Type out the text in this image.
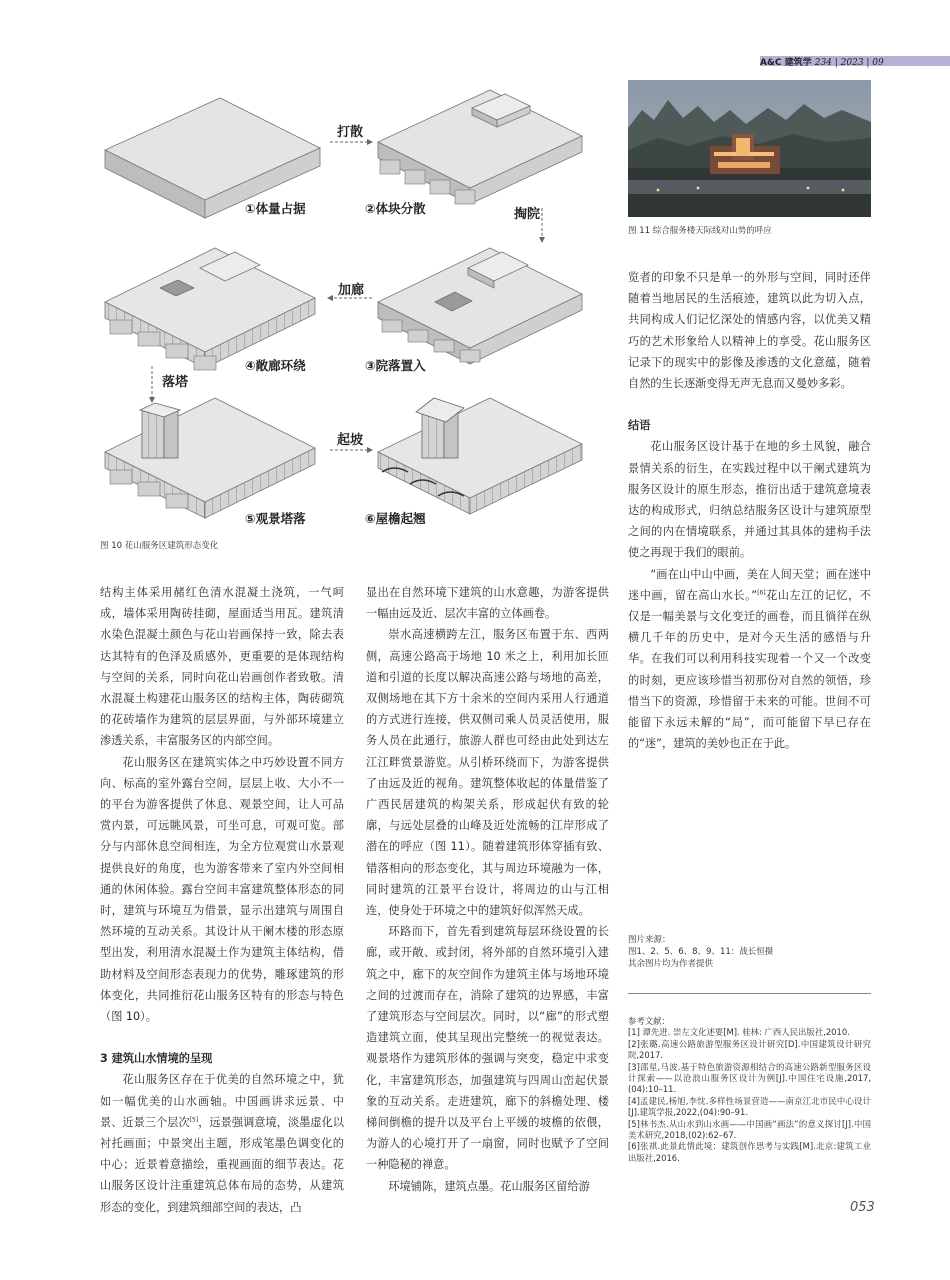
A&C 建筑学 234 | 2023 | 09
打散
掏院
加廊
落塔
起坡
①体量占据	②体块分散
③院落置入
④敞廊环绕
⑤观景塔落	⑥屋檐起翘
图 10 花山服务区建筑形态变化
图 11 综合服务楼天际线对山势的呼应

结构主体采用赭红色清水混凝土浇筑，一气呵成，墙体采用陶砖挂砌，屋面适当用瓦。建筑清水染色混凝土颜色与花山岩画保持一致，除去表达其特有的色泽及质感外，更重要的是体现结构与空间的关系，同时向花山岩画创作者致敬。清水混凝土构建花山服务区的结构主体，陶砖砌筑的花砖墙作为建筑的层层界面，与外部环境建立渗透关系，丰富服务区的内部空间。

花山服务区在建筑实体之中巧妙设置不同方向、标高的室外露台空间，层层上收、大小不一的平台为游客提供了休息、观景空间，让人可品赏内景，可远眺风景，可坐可息，可观可览。部分与内部休息空间相连，为全方位观赏山水景观提供良好的角度，也为游客带来了室内外空间相通的休闲体验。露台空间丰富建筑整体形态的同时，建筑与环境互为借景，显示出建筑与周围自然环境的互动关系。其设计从干阑木楼的形态原型出发，利用清水混凝土作为建筑主体结构，借助材料及空间形态表现力的优势，雕琢建筑的形体变化，共同推衍花山服务区特有的形态与特色（图 10）。

3 建筑山水情境的呈现

花山服务区存在于优美的自然环境之中，犹如一幅优美的山水画轴。中国画讲求远景、中景、近景三个层次[5]，远景强调意境，淡墨虚化以衬托画面；中景突出主题，形成笔墨色调变化的中心；近景着意描绘，重视画面的细节表达。花山服务区设计注重建筑总体布局的态势，从建筑形态的变化，到建筑细部空间的表达，凸

显出在自然环境下建筑的山水意趣，为游客提供一幅由远及近、层次丰富的立体画卷。

崇水高速横跨左江，服务区布置于东、西两侧，高速公路高于场地 10 米之上，利用加长匝道和引道的长度以解决高速公路与场地的高差，双侧场地在其下方十余米的空间内采用人行通道的方式进行连接，供双侧司乘人员灵活使用，服务人员在此通行，旅游人群也可经由此处到达左江江畔赏景游览。从引桥环绕而下，为游客提供了由远及近的视角。建筑整体收起的体量借鉴了广西民居建筑的构架关系，形成起伏有致的轮廓，与远处层叠的山峰及近处流畅的江岸形成了潜在的呼应（图 11）。随着建筑形体穿插有致、错落相向的形态变化，其与周边环境融为一体，同时建筑的江景平台设计，将周边的山与江相连，使身处于环境之中的建筑好似浑然天成。

环路而下，首先看到建筑每层环绕设置的长廊，或开敞、或封闭，将外部的自然环境引入建筑之中，廊下的灰空间作为建筑主体与场地环境之间的过渡而存在，消除了建筑的边界感，丰富了建筑形态与空间层次。同时，以“廊”的形式塑造建筑立面，使其呈现出完整统一的视觉表达。观景塔作为建筑形体的强调与突变，稳定中求变化，丰富建筑形态，加强建筑与四周山峦起伏景象的互动关系。走进建筑，廊下的斜檐处理、楼梯间倒檐的提升以及平台上平缓的坡檐的依偎，为游人的心境打开了一扇窗，同时也赋予了空间一种隐秘的禅意。

环境铺陈，建筑点墨。花山服务区留给游

览者的印象不只是单一的外形与空间，同时还伴随着当地居民的生活痕迹，建筑以此为切入点，共同构成人们记忆深处的情感内容，以优美又精巧的艺术形象给人以精神上的享受。花山服务区记录下的现实中的影像及渗透的文化意蕴，随着自然的生长逐渐变得无声无息而又曼妙多彩。

结语

花山服务区设计基于在地的乡土风貌，融合景情关系的衍生，在实践过程中以干阑式建筑为服务区设计的原生形态，推衍出适于建筑意境表达的构成形式，归纳总结服务区设计与建筑原型之间的内在情境联系，并通过其具体的建构手法使之再现于我们的眼前。

“画在山中山中画，美在人间天堂；画在迷中迷中画，留在高山水长。”[6]花山左江的记忆，不仅是一幅美景与文化变迁的画卷，而且徜徉在纵横几千年的历史中，是对今天生活的感悟与升华。在我们可以利用科技实现着一个又一个改变的时刻，更应该珍惜当初那份对自然的领悟，珍惜当下的资源，珍惜留于未来的可能。世间不可能留下永远未解的“局”，而可能留下早已存在的“迷”，建筑的美妙也正在于此。

图片来源：
图1、2、5、6、8、9、11：战长恒摄
其余图片均为作者提供
参考文献：
[1] 谭先进. 崇左文化述要[M]. 桂林: 广西人民出版社,2010.
[2]张璐.高速公路旅游型服务区设计研究[D].中国建筑设计研究院,2017.
[3]邵星,马波.基于特色旅游资源相结合的高速公路新型服务区设计探索——以沧浪山服务区设计为例[J].中国住宅设施,2017,(04):10–11.
[4]孟建民,杨旭,李忱.多样性场景营造——南京江北市民中心设计[J].建筑学报,2022,(04):90–91.
[5]林书杰.从山水到山水画——中国画“画法”的意义探讨[J].中国美术研究,2018,(02):62–67.
[6]张祺.此景此情此境：建筑创作思考与实践[M].北京:建筑工业出版社,2016.
053
